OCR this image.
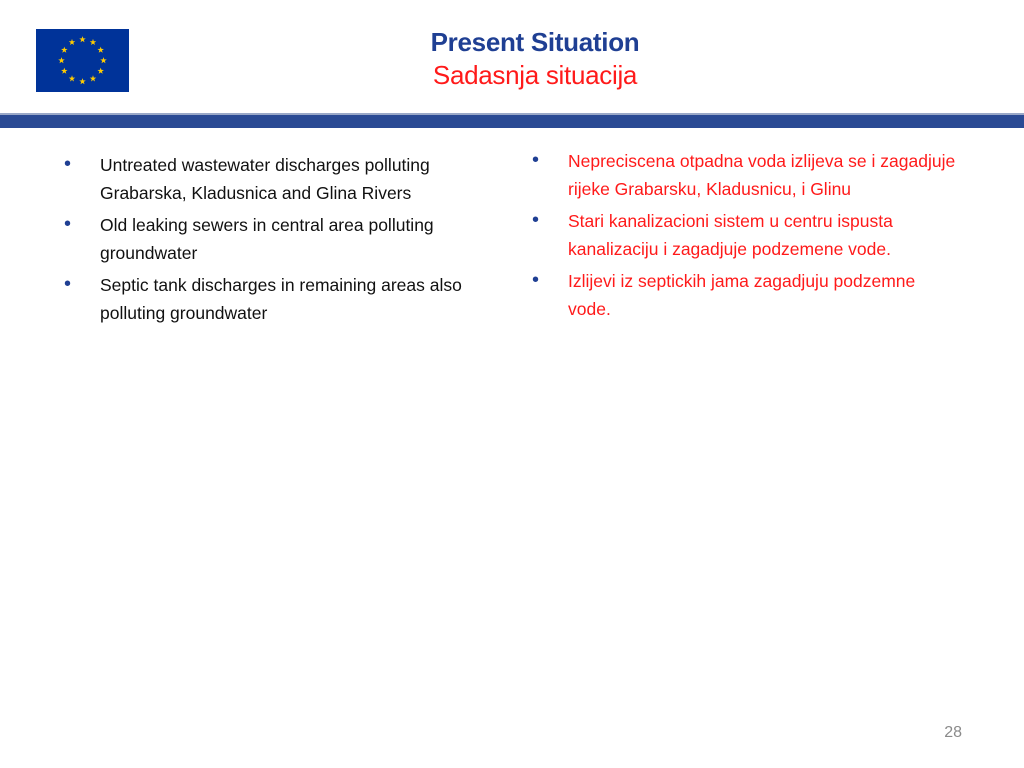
Present Situation
Sadasnja situacija
• Untreated wastewater discharges polluting Grabarska, Kladusnica and Glina Rivers
• Old leaking sewers in central area polluting groundwater
• Septic tank discharges in remaining areas also polluting groundwater
• Nepreciscena otpadna voda izlijeva se i zagadjuje rijeke Grabarsku, Kladusnicu, i Glinu
• Stari kanalizacioni sistem u centru ispusta kanalizaciju i zagadjuje podzemene vode.
• Izlijevi iz septickih jama zagadjuju podzemne vode.
28
